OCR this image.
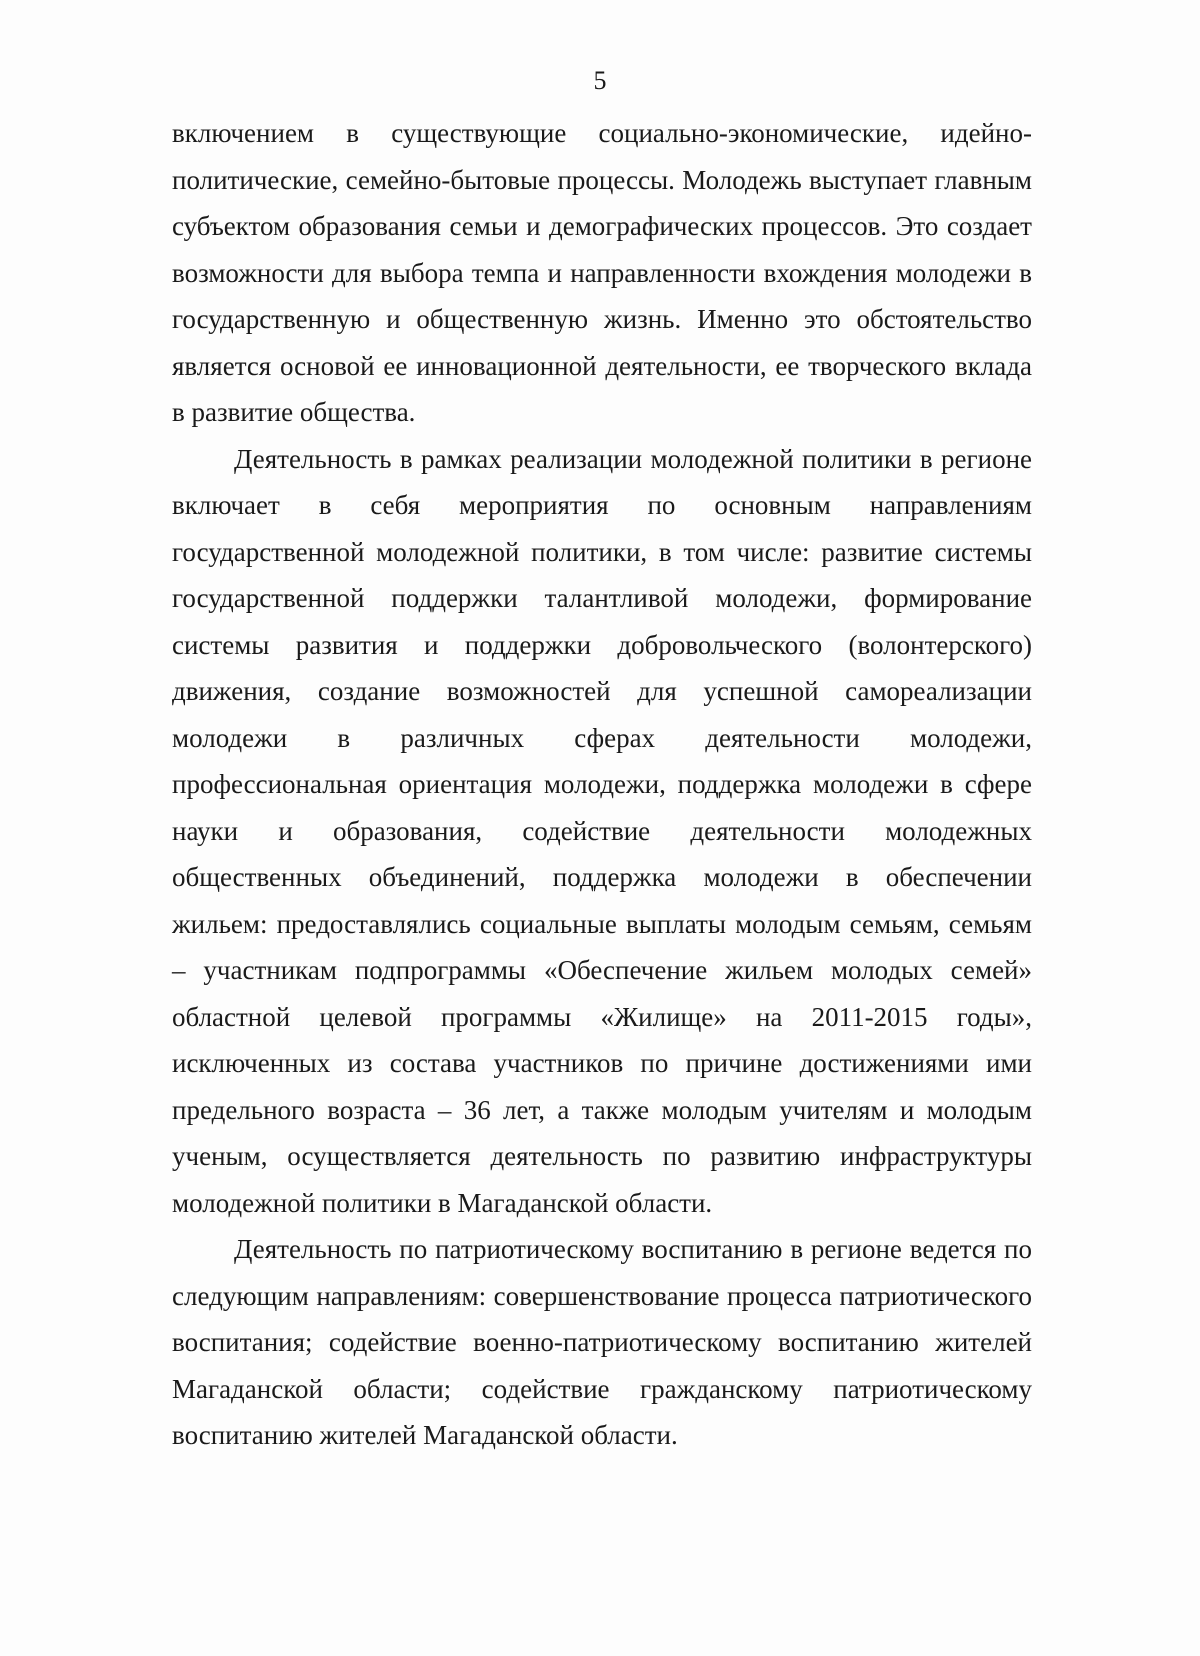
5

включением в существующие социально-экономические, идейно-политические, семейно-бытовые процессы. Молодежь выступает главным субъектом образования семьи и демографических процессов. Это создает возможности для выбора темпа и направленности вхождения молодежи в государственную и общественную жизнь. Именно это обстоятельство является основой ее инновационной деятельности, ее творческого вклада в развитие общества.

Деятельность в рамках реализации молодежной политики в регионе включает в себя мероприятия по основным направлениям государственной молодежной политики, в том числе: развитие системы государственной поддержки талантливой молодежи, формирование системы развития и поддержки добровольческого (волонтерского) движения, создание возможностей для успешной самореализации молодежи в различных сферах деятельности молодежи, профессиональная ориентация молодежи, поддержка молодежи в сфере науки и образования, содействие деятельности молодежных общественных объединений, поддержка молодежи в обеспечении жильем: предоставлялись социальные выплаты молодым семьям, семьям – участникам подпрограммы «Обеспечение жильем молодых семей» областной целевой программы «Жилище» на 2011-2015 годы», исключенных из состава участников по причине достижениями ими предельного возраста – 36 лет, а также молодым учителям и молодым ученым, осуществляется деятельность по развитию инфраструктуры молодежной политики в Магаданской области.

Деятельность по патриотическому воспитанию в регионе ведется по следующим направлениям: совершенствование процесса патриотического воспитания; содействие военно-патриотическому воспитанию жителей Магаданской области; содействие гражданскому патриотическому воспитанию жителей Магаданской области.
